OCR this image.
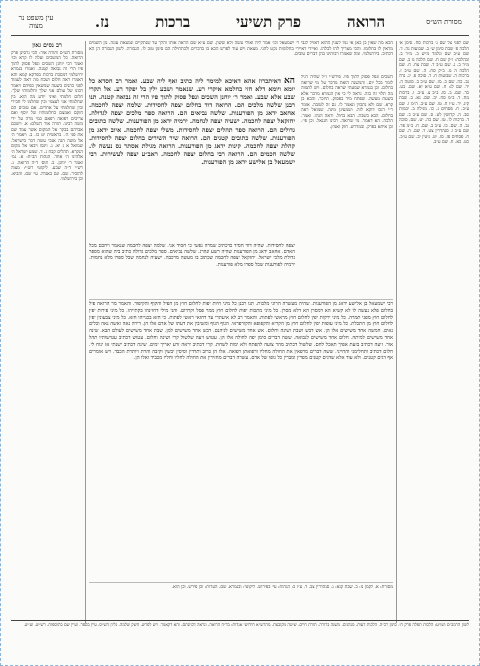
מסורת הש״ס
הרואה
פרק תשיעי
ברכות
נז.
עין משפט נר מצוה
שם לפני צל שם נ׳ ברכות סח. סימן א׳ הלכה פ׳ שבת סימן ש׳ ב. שבועות נה. ד. שם ע״ב שם ונלמד מ״ש ב. מ״ד ב. ובהלכה: ו״ק שם ח. שם הלכה מ ב. שם מ״ד ב. ג. שם ע״ב ד. שבת צח. ח. שם הלכה ה מ. ב״ק סח. ה. שם ע״ב ז. ברכות ה. שבועות ח. ד. סוכה פ. יג. נדה נב. כה. שם כ. מז. שם ע״ב ב. סוטה ה. יד. שם לנ: ח. שם ע״א יא. שם. כט. כד. שם. ב. סז. ב״ב צ. ע״ב. ז. ברכות מח. ד. ב״מ סח. יב. שם. נא. ב. שבת קיג. יד. ע״ז ח. טו. שם ע״ב. ה״מ ז. שם ע״ב. ח. פסחים ג. כו. מגילה ב. יבמות סב. ה. קדושין לט. ס. שם ע״ב כ. שם ד. ברכות לו. טו. שם כה. יט. שם. סוכה נב. ה. שם. כו. ע״ב ב. שם. ח. ב״מ פד. שם ע״ב ו. סנהדרין צט. ד. שם. ה. שם ח. פסחים פז. סז. יט. גיטין יב. שם ע״ב. כט. כא. ח. שם ע״ב.
רב נסים גאון
מסורת הש״ס ותורה אור: הכי גרסינן פרק הרואה. כל המשכים ועלה לו קרא וכו׳ ואמר רבי יוחנן השכים ונפל פסוק לתוך פיו הרי זה נבואה קטנה. ואמרו בגמרא ירושלמי דמסכת ברכות בפרקא קמא והא דאמרו ראה חלום ושכח מה ראה לעמוד לפני כהנים בשעה שנושאין כפיהם ויאמר רבונו של עולם אני שלך וחלומותי שלך. חלום חלמתי ואיני יודע מה הוא. בין שחלמתי אני לעצמי ובין שחלמו לי חבירי ובין שחלמתי על אחרים. אם טובים הם חזקם ואמצם כחלומותיו של יוסף ואם צריכים רפואה רפאם כמי מרה על ידי משה רבינו. תורה אור השלם: א. וישכם אברהם בבקר אל המקום אשר עמד שם את פני ה׳. בראשית יט כז. ב. ויאמר ה׳ אל משה הנה אנכי עשה דבר בישראל. שמואל א ג יא. ג. וינסו ויבאו אל מקום הנקרא. תהלים קכח ג. ד. שמע ישראל ה׳ אלהינו ה׳ אחד. הגהות הב״ח: א. גמ׳ ואמר ר׳ יוחנן. ב. תוס׳ ד״ה הרואה. ג. רש״י ד״ה שבע. ליקוטי רש״י: מצוה להזכיר. שם. וגם באגדה. עי׳ שם. והביא. וכן בירושלמי.
הכא מה שאין כן כאן אי נמי לענין ההוא דאזיל לגבי ר׳ ישמעאל וכו׳ אמר ליה ואולי עשה ולא ששון. שם ע״א שם הראה אותו והלך עד שנתקיים ונמצאת עונה. מן השמים מראין לו בחלומו. והכי מצריך להו לכלהו. ואיידי דאיירי בחלומות נקט להני. מצאת ויש עוד לפרש הכא בו בדברים ולכתחילה הם סימן טוב לו. הגבורה. לשון הגבורה הן הא דכתיב. בירושלמי. ומה שאמרו רבותינו בהן דברים טובים.
השכים ונפל פסוק לתוך פיו. פירש״י ז״ל שהיה רגיל לומר בכל יום. והמשנה הזאת מדבר על מי שרואה בחלום. וכן בגמרא שמעתי שראה בחלום. ויש לתמוה מה תלוי זה בזה. נראה לי כי אין הגמרא מדבר אלא בשעת מעשה. שפתח מיד בפסוק. תיזכר. והבא כן קרא. שם ולא נתכוין ונאמר לו. גם זה לטובה. אומר ר״י דנכו דוקא לזה. ושמעינן מינה. שמואל ראה בחלום. הבא בשבת. הבא בחול. וראה הנהו. ואמר. הלכה. הא דאמר. מי שרואה. רבינו חננאל. וכן פי׳. וכן איתא בפרק. ובמדרש. חזק ואמץ.
הא דאיתכרוז אהא דאיכא למימר ליה כתיב ואף ליה שבע. ואמר רב חסדא כל יומא ויומא דלא חזי בחלמא איקרי רע. שנאמר ושבע ילין בל יפקד רע. אל תקרי שבע אלא שבע. ואמר ר׳ יוחנן השכים ונפל פסוק לתוך פיו הרי זה נבואה קטנה. תנו רבנן שלשה מלכים הם. הרואה דוד בחלום יצפה לחסידות. שלמה יצפה לחכמה. אחאב ידאג מן הפורענות. שלשה נביאים הם. הרואה ספר מלכים יצפה לגדולה. יחזקאל יצפה לחכמה. ישעיה יצפה לנחמה. ירמיה ידאג מן הפורענות. שלשה כתובים גדולים הם. הרואה ספר תהלים יצפה לחסידות. משלי יצפה לחכמה. איוב ידאג מן הפורענות. שלשה כתובים קטנים הם. הרואה שיר השירים בחלום יצפה לחסידות. קהלת יצפה לחכמה. קינות ידאג מן הפורענות. הרואה מגילת אסתר נס נעשה לו. שלשה חכמים הם. הרואה רבי בחלום יצפה לחכמה. ראב״ע יצפה לעשירות. רבי ישמעאל בן אלישע ידאג מן הפורענות.
יצפה לחסידות. שהיה דוד חסיד כדכתיב שמרה נפשי כי חסיד אני. שלמה יצפה לחכמה שנאמר ויחכם מכל האדם. אחאב ידאג מן הפורענות שהיה רשע ונהרג. שלשה נביאים. ספר מלכים גדולה כתיב ביה שהוא מספר גדולת מלכי ישראל. יחזקאל יצפה לחכמה שכתוב בו מעשה מרכבה. ישעיה לנחמה שכל ספרו מלא נחמות. ירמיה לפורענות שכל ספרו מלא פורענות.
רבי ישמעאל בן אלישע ידאג מן הפורענות. שהיה מעשרה הרוגי מלכות. תנו רבנן כל מיני חיות יפות לחלום חוץ מן הפיל והקוף והקיפוד. והאמר מר הרואה פיל בחלום פלא נעשה לו לא קשיא הא דמסרן הא דלא מסרן. כל מיני מתכות יפות לחלום חוץ ממר פסל וקרדום. והני מילי דחזינהו בקתייהו. כל מיני פירות יפין לחלום חוץ מפגי תמרה. כל מיני ירקות יפין לחלום חוץ מראשי לפתות. והאמר רב לא איעתרי עד דחזאי ראשי לפתות. כי חזא בכנייהו חזא. כל מיני צבעונין יפין לחלום חוץ מן התכלת. כל מיני עופות יפין לחלום חוץ מן הקריא והקפופא והקורפראי. הגוף הגוף ומשיבין את דעתו של אדם אלו הן. דירה נאה ואשה נאה וכלים נאים. חמשה אחד משישים אלו הן. אש דבש ושבת ושינה וחלום. אש אחד משישים לגיהנם. דבש אחד משישים למן. שבת אחד משישים לעולם הבא. שינה אחד משישים למיתה. חלום אחד משישים לנבואה. ששה דברים סימן יפה לחולה אלו הן. עטוש זיעה שלשול קרי ושינה וחלום. עטוש דכתיב עטישותיו תהל אור. זיעה דכתיב בזעת אפיך תאכל לחם. שלשול דכתיב מהר צועה להפתח ולא ימות לשחת. קרי דכתיב יראה זרע יאריך ימים. שינה דכתיב ישנתי אז ינוח לי. חלום דכתיב ותחלימני והחייני. ששה דברים מרפאין את החולה מחליו ורפואתן רפואה. אלו הן כרוב ותרדין וסיסין יבשין וקיבה והרת ויותרת הכבד. ויש אומרים אף דגים קטנים. ולא עוד אלא שדגים קטנים מפרין ומברין כל גופו של אדם. עשרה דברים מחזירין את החולה לחליו וחליו מכביד ואלו הן.
מסורת: א. לקמן נז: ב. שבת קנא: ג. סנהדרין צב. ד. ע״ז כ: הגהות: עי׳ בפירוש. ליקוטי: ובגמרא. שם. הערות: וכן פירש. וכן הוא.
לשון הרמב״ם ושו״ע: הלכות תפלה פרק ח׳. סימן רכ״ה. הלכות דעות. מנהגים. משנה ברורה. תורת חיים. שיטה מקובצת. מהרש״א חידושי אגדות: בד״ה הרואה. ונראה דכוונתם. והא דקאמר. ויש לפרש. חשק שלמה. גליון הש״ס. עיין בספר. ועיין שם בתוספות. רש״ש. וע״ש.
